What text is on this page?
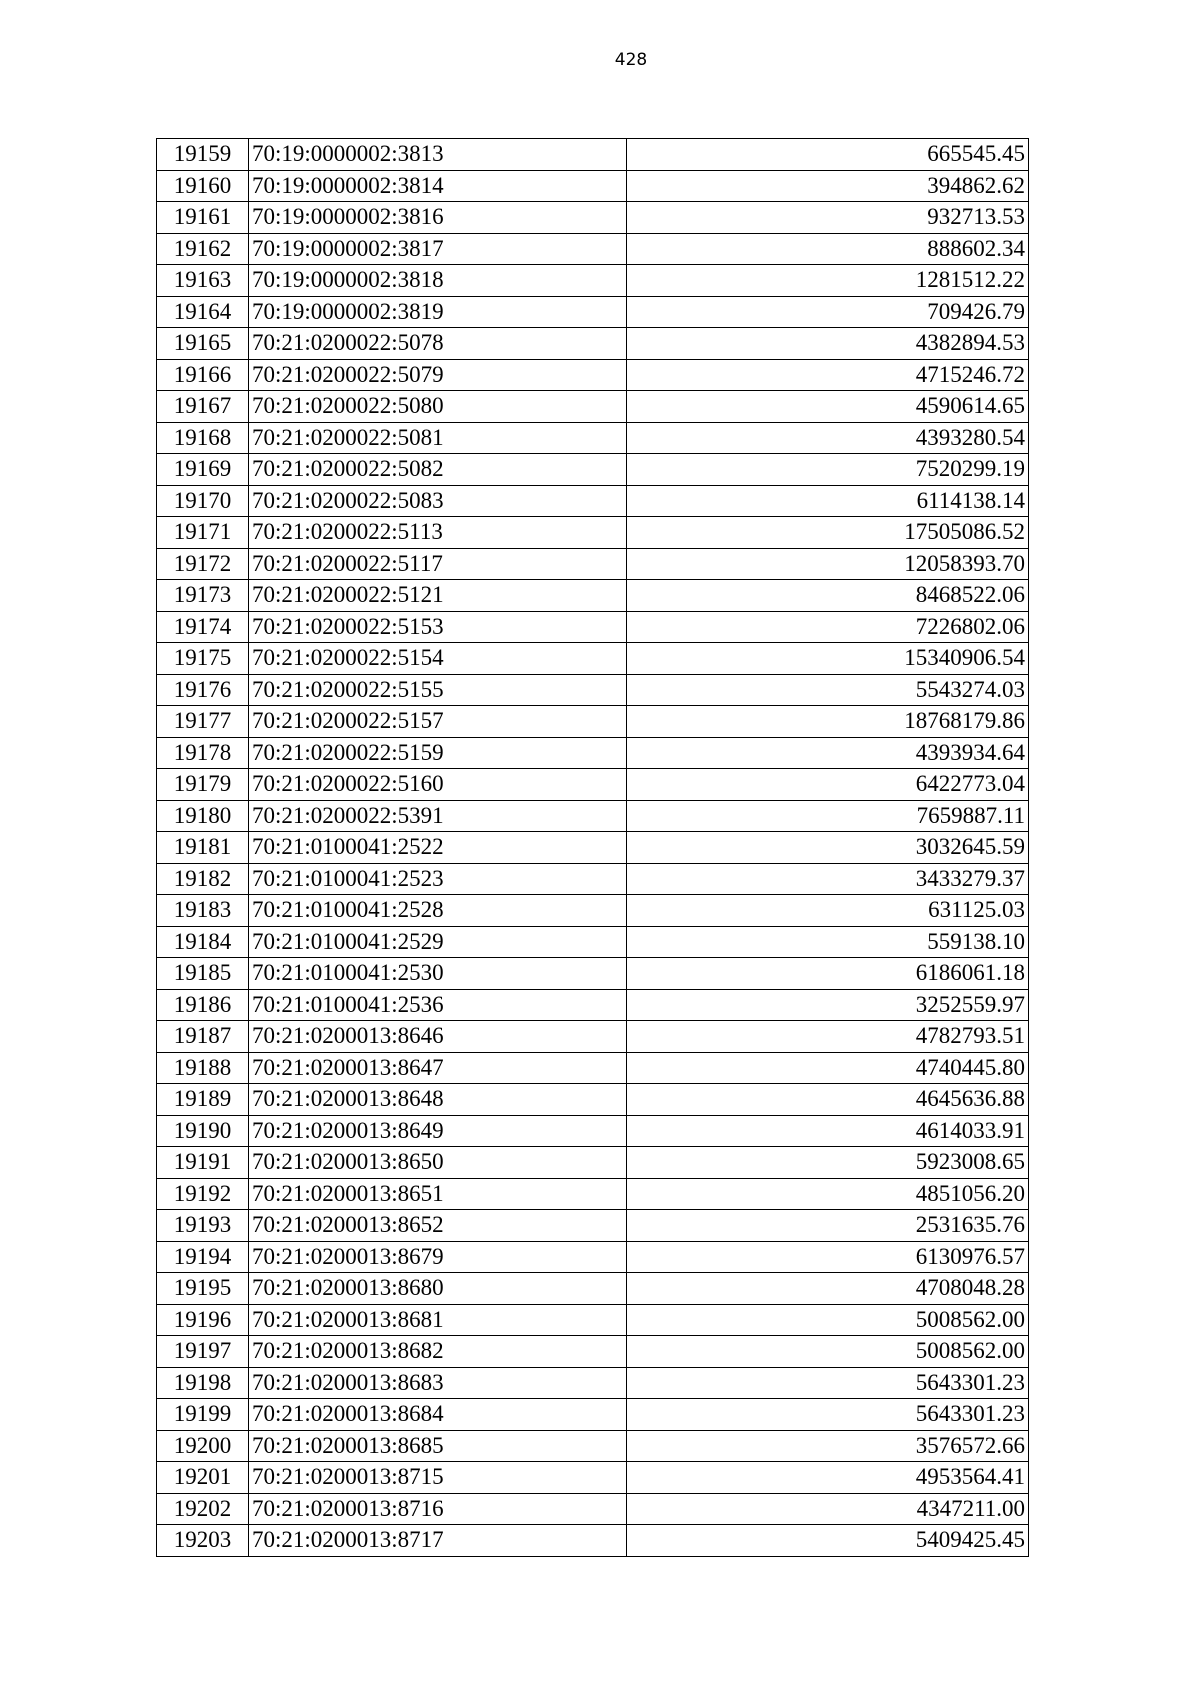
428
19159	70:19:0000002:3813	665545.45
19160	70:19:0000002:3814	394862.62
19161	70:19:0000002:3816	932713.53
19162	70:19:0000002:3817	888602.34
19163	70:19:0000002:3818	1281512.22
19164	70:19:0000002:3819	709426.79
19165	70:21:0200022:5078	4382894.53
19166	70:21:0200022:5079	4715246.72
19167	70:21:0200022:5080	4590614.65
19168	70:21:0200022:5081	4393280.54
19169	70:21:0200022:5082	7520299.19
19170	70:21:0200022:5083	6114138.14
19171	70:21:0200022:5113	17505086.52
19172	70:21:0200022:5117	12058393.70
19173	70:21:0200022:5121	8468522.06
19174	70:21:0200022:5153	7226802.06
19175	70:21:0200022:5154	15340906.54
19176	70:21:0200022:5155	5543274.03
19177	70:21:0200022:5157	18768179.86
19178	70:21:0200022:5159	4393934.64
19179	70:21:0200022:5160	6422773.04
19180	70:21:0200022:5391	7659887.11
19181	70:21:0100041:2522	3032645.59
19182	70:21:0100041:2523	3433279.37
19183	70:21:0100041:2528	631125.03
19184	70:21:0100041:2529	559138.10
19185	70:21:0100041:2530	6186061.18
19186	70:21:0100041:2536	3252559.97
19187	70:21:0200013:8646	4782793.51
19188	70:21:0200013:8647	4740445.80
19189	70:21:0200013:8648	4645636.88
19190	70:21:0200013:8649	4614033.91
19191	70:21:0200013:8650	5923008.65
19192	70:21:0200013:8651	4851056.20
19193	70:21:0200013:8652	2531635.76
19194	70:21:0200013:8679	6130976.57
19195	70:21:0200013:8680	4708048.28
19196	70:21:0200013:8681	5008562.00
19197	70:21:0200013:8682	5008562.00
19198	70:21:0200013:8683	5643301.23
19199	70:21:0200013:8684	5643301.23
19200	70:21:0200013:8685	3576572.66
19201	70:21:0200013:8715	4953564.41
19202	70:21:0200013:8716	4347211.00
19203	70:21:0200013:8717	5409425.45
